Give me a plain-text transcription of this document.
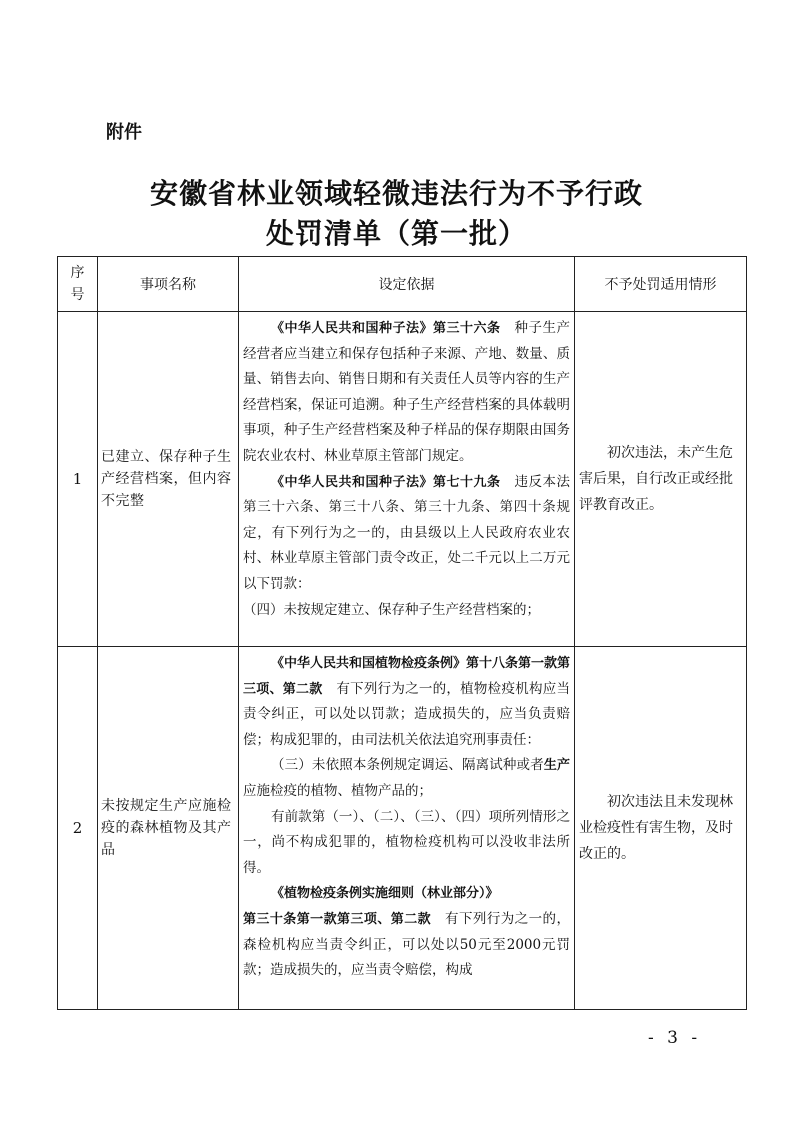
附件
安徽省林业领域轻微违法行为不予行政
处罚清单（第一批）
序
号	事项名称	设定依据	不予处罚适用情形
1	已建立、保存种子生产经营档案，但内容不完整	《中华人民共和国种子法》第三十六条　种子生产经营者应当建立和保存包括种子来源、产地、数量、质量、销售去向、销售日期和有关责任人员等内容的生产经营档案，保证可追溯。种子生产经营档案的具体载明事项，种子生产经营档案及种子样品的保存期限由国务院农业农村、林业草原主管部门规定。

《中华人民共和国种子法》第七十九条　违反本法第三十六条、第三十八条、第三十九条、第四十条规定，有下列行为之一的，由县级以上人民政府农业农村、林业草原主管部门责令改正，处二千元以上二万元以下罚款：

（四）未按规定建立、保存种子生产经营档案的；	初次违法，未产生危害后果，自行改正或经批评教育改正。
2	未按规定生产应施检疫的森林植物及其产品	《中华人民共和国植物检疫条例》第十八条第一款第三项、第二款　有下列行为之一的，植物检疫机构应当责令纠正，可以处以罚款；造成损失的，应当负责赔偿；构成犯罪的，由司法机关依法追究刑事责任：

（三）未依照本条例规定调运、隔离试种或者生产应施检疫的植物、植物产品的；

有前款第（一）、（二）、（三）、（四）项所列情形之一，尚不构成犯罪的，植物检疫机构可以没收非法所得。

《植物检疫条例实施细则（林业部分）》

第三十条第一款第三项、第二款　有下列行为之一的，森检机构应当责令纠正，可以处以50元至2000元罚款；造成损失的，应当责令赔偿，构成	初次违法且未发现林业检疫性有害生物，及时改正的。
- 3 -
